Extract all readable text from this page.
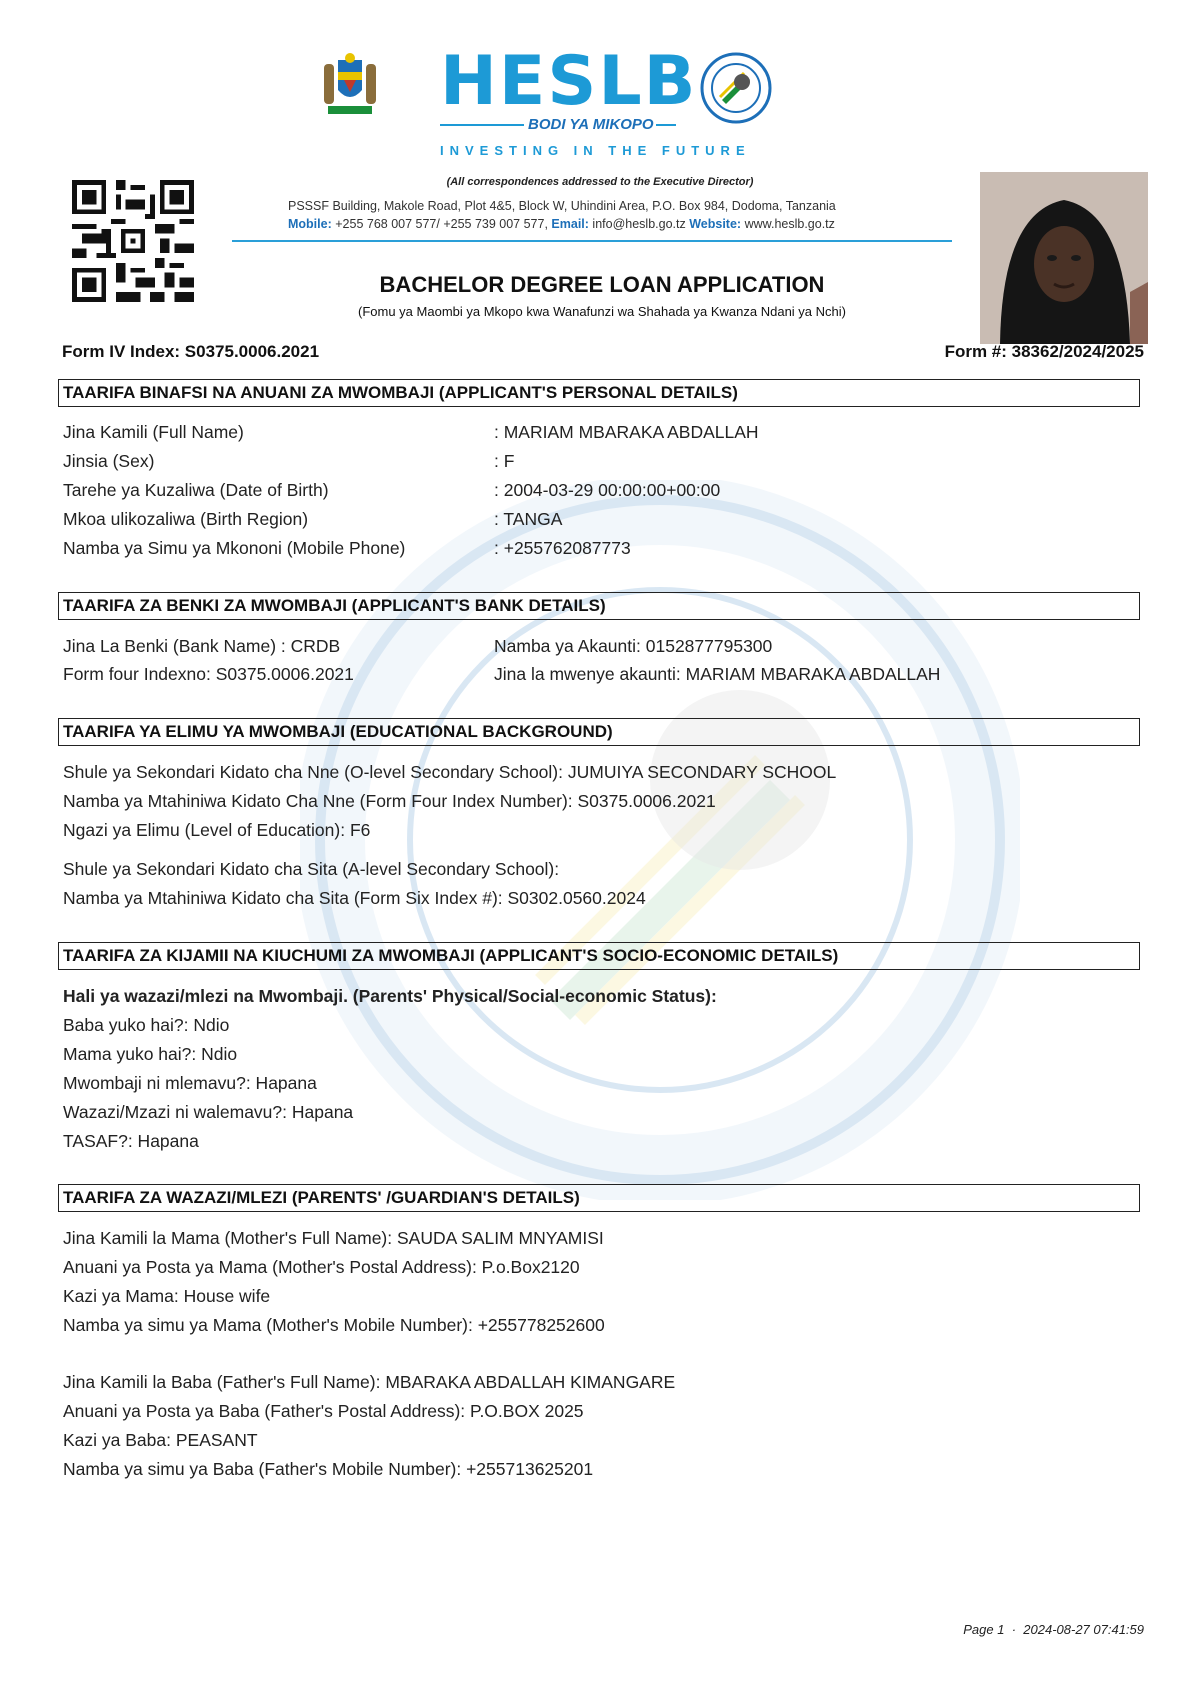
HESLB
BODI YA MIKOPO
INVESTING IN THE FUTURE
(All correspondences addressed to the Executive Director)
PSSSF Building, Makole Road, Plot 4&5, Block W, Uhindini Area, P.O. Box 984, Dodoma, Tanzania
Mobile: +255 768 007 577/ +255 739 007 577, Email: info@heslb.go.tz Website: www.heslb.go.tz
BACHELOR DEGREE LOAN APPLICATION
(Fomu ya Maombi ya Mkopo kwa Wanafunzi wa Shahada ya Kwanza Ndani ya Nchi)
Form IV Index: S0375.0006.2021	Form #: 38362/2024/2025
TAARIFA BINAFSI NA ANUANI ZA MWOMBAJI (APPLICANT'S PERSONAL DETAILS)
Jina Kamili (Full Name)	: MARIAM MBARAKA ABDALLAH
Jinsia (Sex)	: F
Tarehe ya Kuzaliwa (Date of Birth)	: 2004-03-29 00:00:00+00:00
Mkoa ulikozaliwa (Birth Region)	: TANGA
Namba ya Simu ya Mkononi (Mobile Phone)	: +255762087773
TAARIFA ZA BENKI ZA MWOMBAJI (APPLICANT'S BANK DETAILS)
Jina La Benki (Bank Name) : CRDB	Namba ya Akaunti: 0152877795300
Form four Indexno: S0375.0006.2021	Jina la mwenye akaunti: MARIAM MBARAKA ABDALLAH
TAARIFA YA ELIMU YA MWOMBAJI (EDUCATIONAL BACKGROUND)
Shule ya Sekondari Kidato cha Nne (O-level Secondary School): JUMUIYA SECONDARY SCHOOL
Namba ya Mtahiniwa Kidato Cha Nne (Form Four Index Number): S0375.0006.2021
Ngazi ya Elimu (Level of Education): F6
Shule ya Sekondari Kidato cha Sita (A-level Secondary School):
Namba ya Mtahiniwa Kidato cha Sita (Form Six Index #): S0302.0560.2024
TAARIFA ZA KIJAMII NA KIUCHUMI ZA MWOMBAJI (APPLICANT'S SOCIO-ECONOMIC DETAILS)
Hali ya wazazi/mlezi na Mwombaji. (Parents' Physical/Social-economic Status):
Baba yuko hai?: Ndio
Mama yuko hai?: Ndio
Mwombaji ni mlemavu?: Hapana
Wazazi/Mzazi ni walemavu?: Hapana
TASAF?: Hapana
TAARIFA ZA WAZAZI/MLEZI (PARENTS' /GUARDIAN'S DETAILS)
Jina Kamili la Mama (Mother's Full Name): SAUDA SALIM MNYAMISI
Anuani ya Posta ya Mama (Mother's Postal Address): P.o.Box2120
Kazi ya Mama: House wife
Namba ya simu ya Mama (Mother's Mobile Number): +255778252600
Jina Kamili la Baba (Father's Full Name): MBARAKA ABDALLAH KIMANGARE
Anuani ya Posta ya Baba (Father's Postal Address): P.O.BOX 2025
Kazi ya Baba: PEASANT
Namba ya simu ya Baba (Father's Mobile Number): +255713625201
Page 1 · 2024-08-27 07:41:59
